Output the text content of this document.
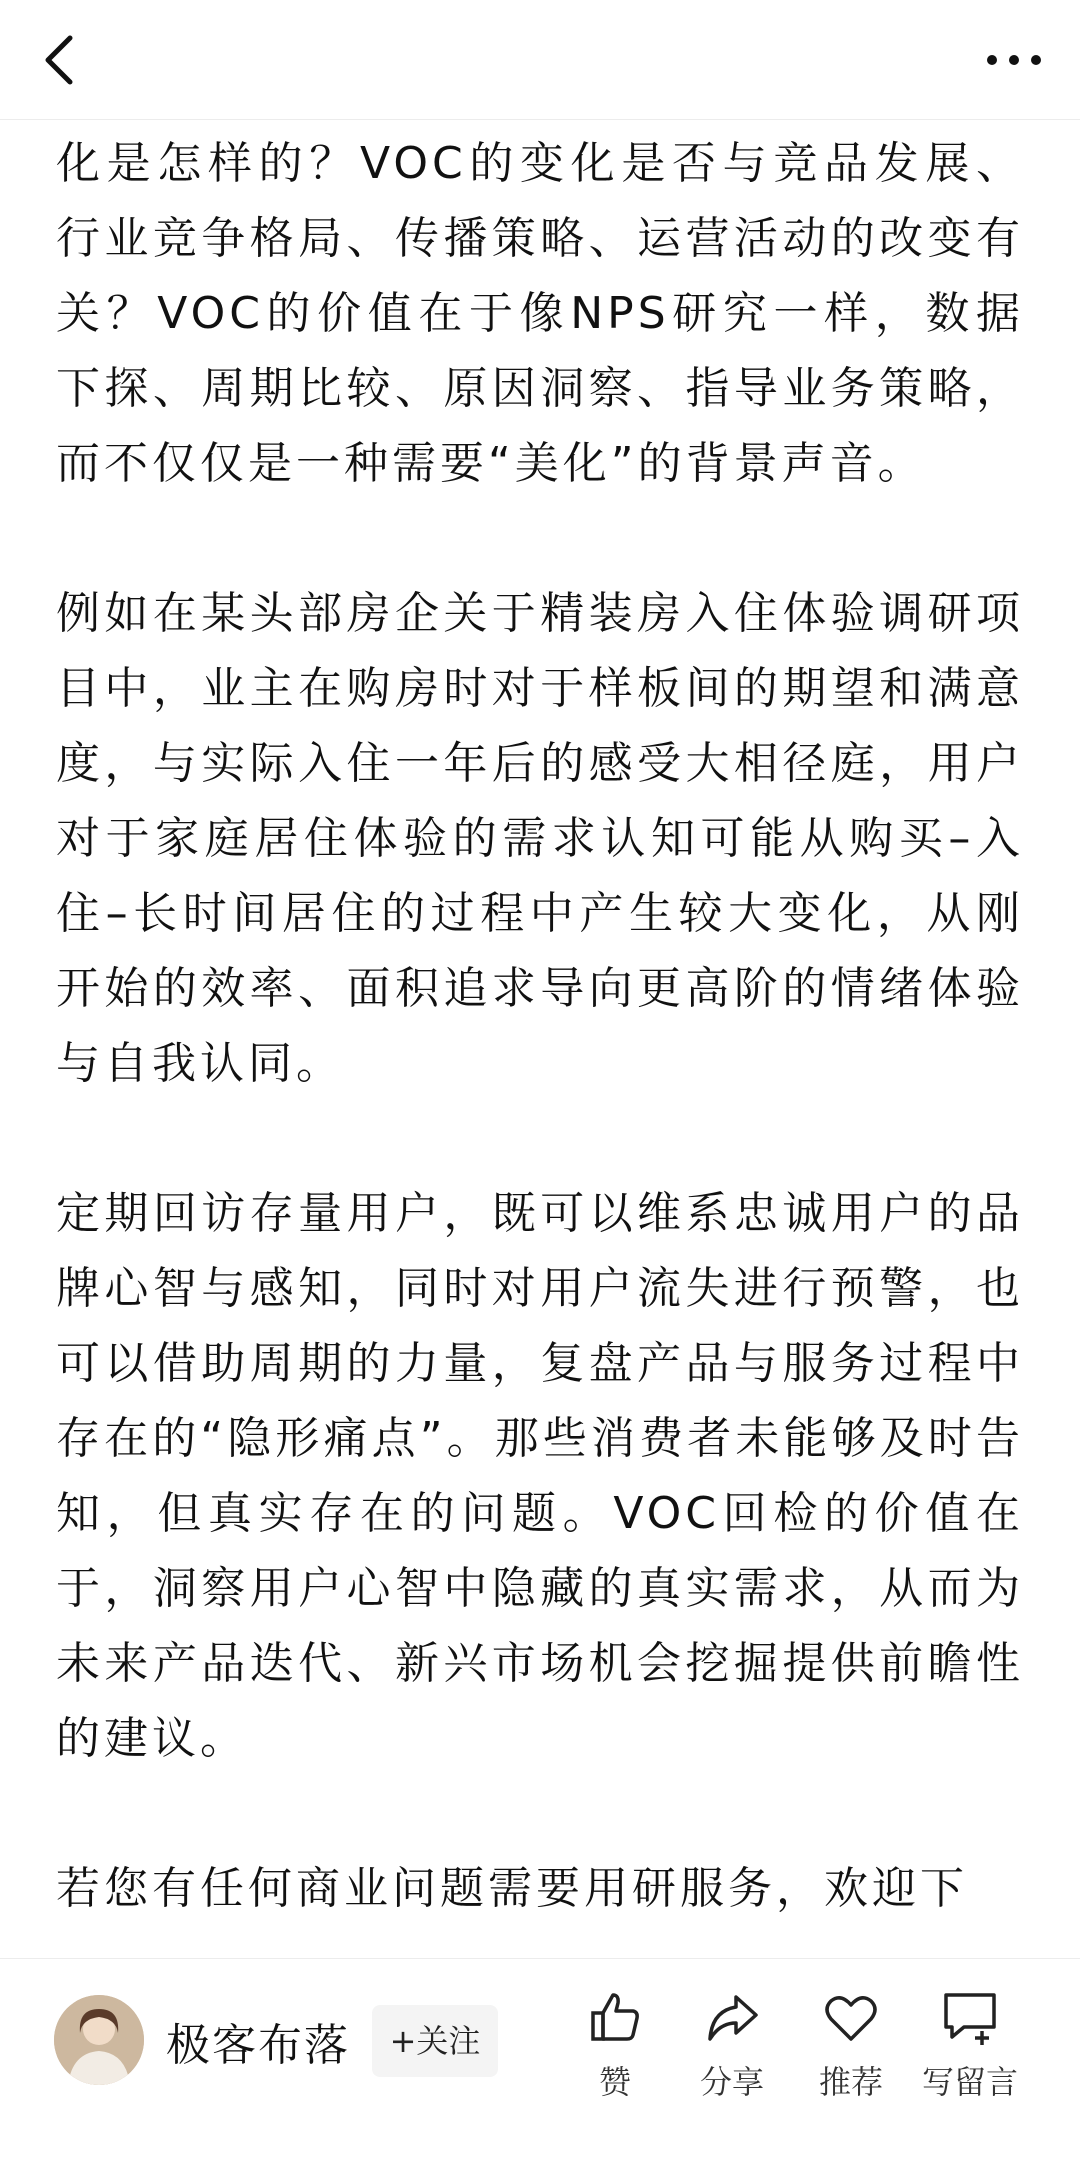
化是怎样的？VOC的变化是否与竞品发展、行业竞争格局、传播策略、运营活动的改变有关？VOC的价值在于像NPS研究一样，数据下探、周期比较、原因洞察、指导业务策略，而不仅仅是一种需要“美化”的背景声音。

例如在某头部房企关于精装房入住体验调研项目中，业主在购房时对于样板间的期望和满意度，与实际入住一年后的感受大相径庭，用户对于家庭居住体验的需求认知可能从购买–入住–长时间居住的过程中产生较大变化，从刚开始的效率、面积追求导向更高阶的情绪体验与自我认同。

定期回访存量用户，既可以维系忠诚用户的品牌心智与感知，同时对用户流失进行预警，也可以借助周期的力量，复盘产品与服务过程中存在的“隐形痛点”。那些消费者未能够及时告知，但真实存在的问题。VOC回检的价值在于，洞察用户心智中隐藏的真实需求，从而为未来产品迭代、新兴市场机会挖掘提供前瞻性的建议。

若您有任何商业问题需要用研服务，欢迎下

极客布落	+关注
赞	分享	推荐	写留言
